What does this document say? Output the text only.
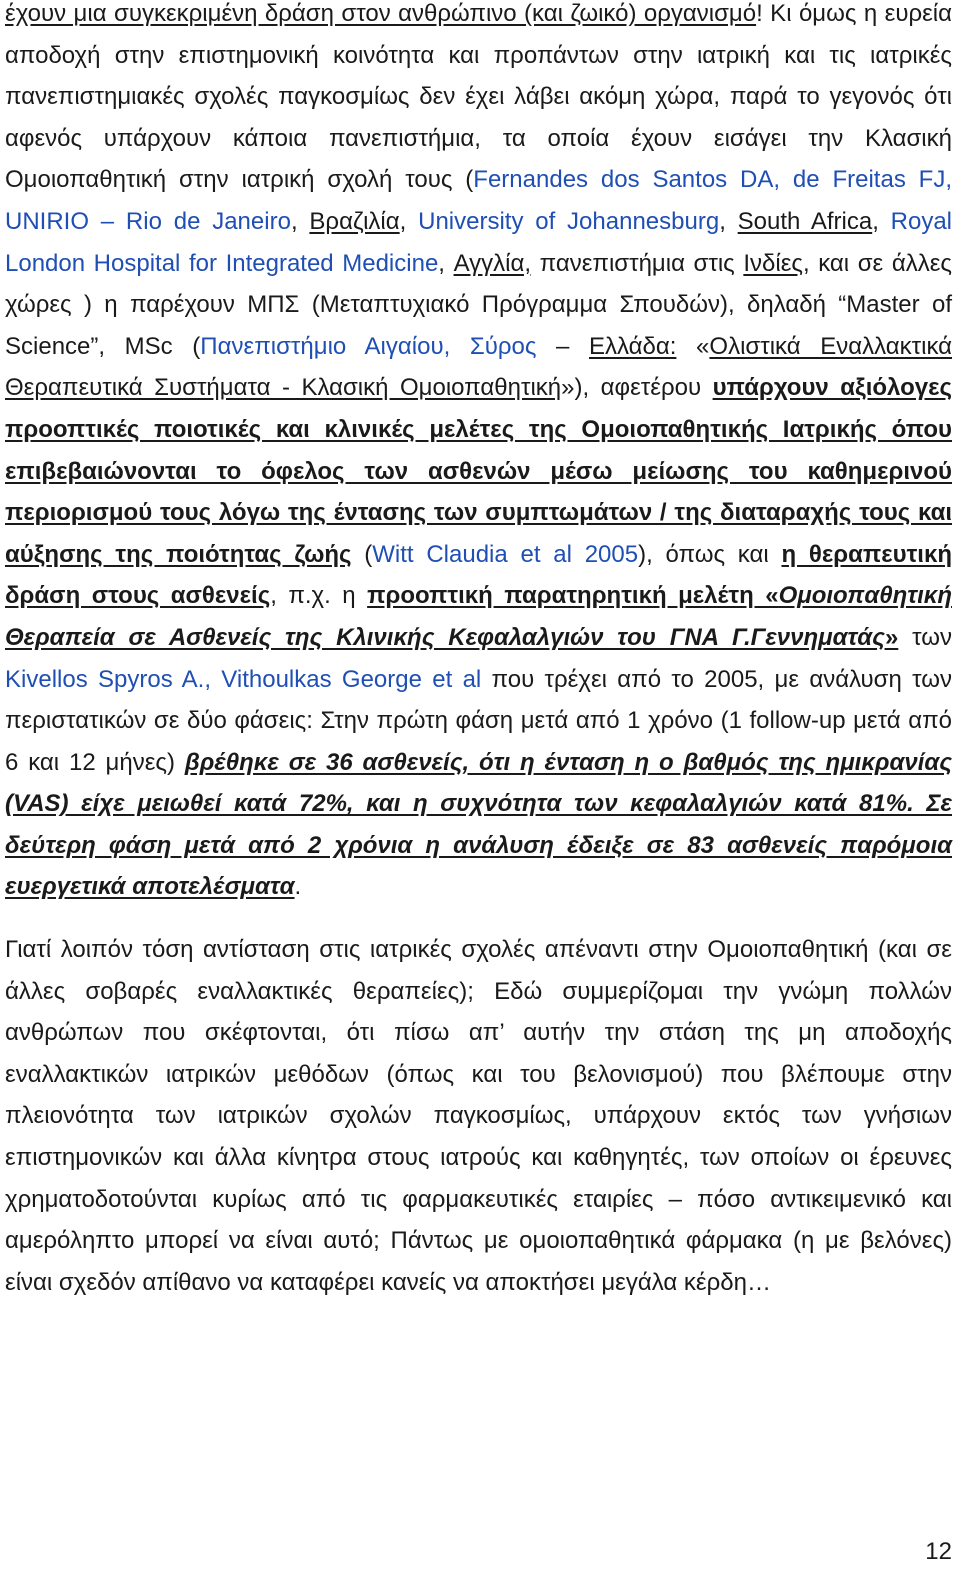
έχουν μια συγκεκριμένη δράση στον ανθρώπινο (και ζωικό) οργανισμό! Κι όμως η ευρεία αποδοχή στην επιστημονική κοινότητα και προπάντων στην ιατρική και τις ιατρικές πανεπιστημιακές σχολές παγκοσμίως δεν έχει λάβει ακόμη χώρα, παρά το γεγονός ότι αφενός υπάρχουν κάποια πανεπιστήμια, τα οποία έχουν εισάγει την Κλασική Ομοιοπαθητική στην ιατρική σχολή τους (Fernandes dos Santos DA, de Freitas FJ, UNIRIO – Rio de Janeiro, Βραζιλία, University of Johannesburg, South Africa, Royal London Hospital for Integrated Medicine, Αγγλία, πανεπιστήμια στις Ινδίες, και σε άλλες χώρες ) η παρέχουν ΜΠΣ (Μεταπτυχιακό Πρόγραμμα Σπουδών), δηλαδή “Master of Science”, MSc (Πανεπιστήμιο Αιγαίου, Σύρος – Ελλάδα: «Ολιστικά Εναλλακτικά Θεραπευτικά Συστήματα - Κλασική Ομοιοπαθητική»), αφετέρου υπάρχουν αξιόλογες προοπτικές ποιοτικές και κλινικές μελέτες της Ομοιοπαθητικής Ιατρικής όπου επιβεβαιώνονται το όφελος των ασθενών μέσω μείωσης του καθημερινού περιορισμού τους λόγω της έντασης των συμπτωμάτων / της διαταραχής τους και αύξησης της ποιότητας ζωής (Witt Claudia et al 2005), όπως και η θεραπευτική δράση στους ασθενείς, π.χ. η προοπτική παρατηρητική μελέτη «Ομοιοπαθητική Θεραπεία σε Ασθενείς της Κλινικής Κεφαλαλγιών του ΓΝΑ Γ.Γεννηματάς» των Kivellos Spyros A., Vithoulkas George et al που τρέχει από το 2005, με ανάλυση των περιστατικών σε δύο φάσεις: Στην πρώτη φάση μετά από 1 χρόνο (1 follow-up μετά από 6 και 12 μήνες) βρέθηκε σε 36 ασθενείς, ότι η ένταση η ο βαθμός της ημικρανίας (VAS) είχε μειωθεί κατά 72%, και η συχνότητα των κεφαλαλγιών κατά 81%. Σε δεύτερη φάση μετά από 2 χρόνια η ανάλυση έδειξε σε 83 ασθενείς παρόμοια ευεργετικά αποτελέσματα.

Γιατί λοιπόν τόση αντίσταση στις ιατρικές σχολές απέναντι στην Ομοιοπαθητική (και σε άλλες σοβαρές εναλλακτικές θεραπείες); Εδώ συμμερίζομαι την γνώμη πολλών ανθρώπων που σκέφτονται, ότι πίσω απ’ αυτήν την στάση της μη αποδοχής εναλλακτικών ιατρικών μεθόδων (όπως και του βελονισμού) που βλέπουμε στην πλειονότητα των ιατρικών σχολών παγκοσμίως, υπάρχουν εκτός των γνήσιων επιστημονικών και άλλα κίνητρα στους ιατρούς και καθηγητές, των οποίων οι έρευνες χρηματοδοτούνται κυρίως από τις φαρμακευτικές εταιρίες – πόσο αντικειμενικό και αμερόληπτο μπορεί να είναι αυτό; Πάντως με ομοιοπαθητικά φάρμακα (η με βελόνες) είναι σχεδόν απίθανο να καταφέρει κανείς να αποκτήσει μεγάλα κέρδη…

12
